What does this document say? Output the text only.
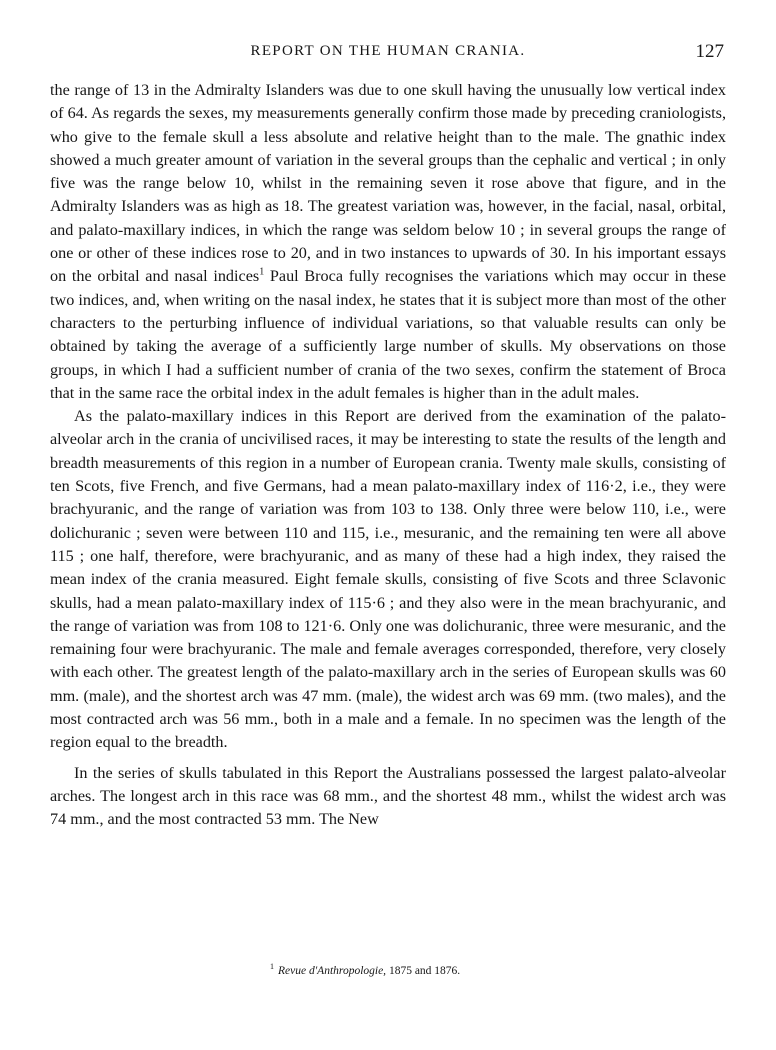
REPORT ON THE HUMAN CRANIA.	127

the range of 13 in the Admiralty Islanders was due to one skull having the unusually low vertical index of 64. As regards the sexes, my measurements generally confirm those made by preceding craniologists, who give to the female skull a less absolute and relative height than to the male. The gnathic index showed a much greater amount of variation in the several groups than the cephalic and vertical ; in only five was the range below 10, whilst in the remaining seven it rose above that figure, and in the Admiralty Islanders was as high as 18. The greatest variation was, however, in the facial, nasal, orbital, and palato-maxillary indices, in which the range was seldom below 10 ; in several groups the range of one or other of these indices rose to 20, and in two instances to upwards of 30. In his important essays on the orbital and nasal indices$^1$ Paul Broca fully recognises the variations which may occur in these two indices, and, when writing on the nasal index, he states that it is subject more than most of the other characters to the perturbing influence of individual variations, so that valuable results can only be obtained by taking the average of a sufficiently large number of skulls. My observations on those groups, in which I had a sufficient number of crania of the two sexes, confirm the statement of Broca that in the same race the orbital index in the adult females is higher than in the adult males.

As the palato-maxillary indices in this Report are derived from the examination of the palato-alveolar arch in the crania of uncivilised races, it may be interesting to state the results of the length and breadth measurements of this region in a number of European crania. Twenty male skulls, consisting of ten Scots, five French, and five Germans, had a mean palato-maxillary index of 116·2, i.e., they were brachyuranic, and the range of variation was from 103 to 138. Only three were below 110, i.e., were dolichuranic ; seven were between 110 and 115, i.e., mesuranic, and the remaining ten were all above 115 ; one half, therefore, were brachyuranic, and as many of these had a high index, they raised the mean index of the crania measured. Eight female skulls, consisting of five Scots and three Sclavonic skulls, had a mean palato-maxillary index of 115·6 ; and they also were in the mean brachyuranic, and the range of variation was from 108 to 121·6. Only one was dolichuranic, three were mesuranic, and the remaining four were brachyuranic. The male and female averages corresponded, therefore, very closely with each other. The greatest length of the palato-maxillary arch in the series of European skulls was 60 mm. (male), and the shortest arch was 47 mm. (male), the widest arch was 69 mm. (two males), and the most contracted arch was 56 mm., both in a male and a female. In no specimen was the length of the region equal to the breadth.

In the series of skulls tabulated in this Report the Australians possessed the largest palato-alveolar arches. The longest arch in this race was 68 mm., and the shortest 48 mm., whilst the widest arch was 74 mm., and the most contracted 53 mm. The New

$^1$ Revue d'Anthropologie, 1875 and 1876.
